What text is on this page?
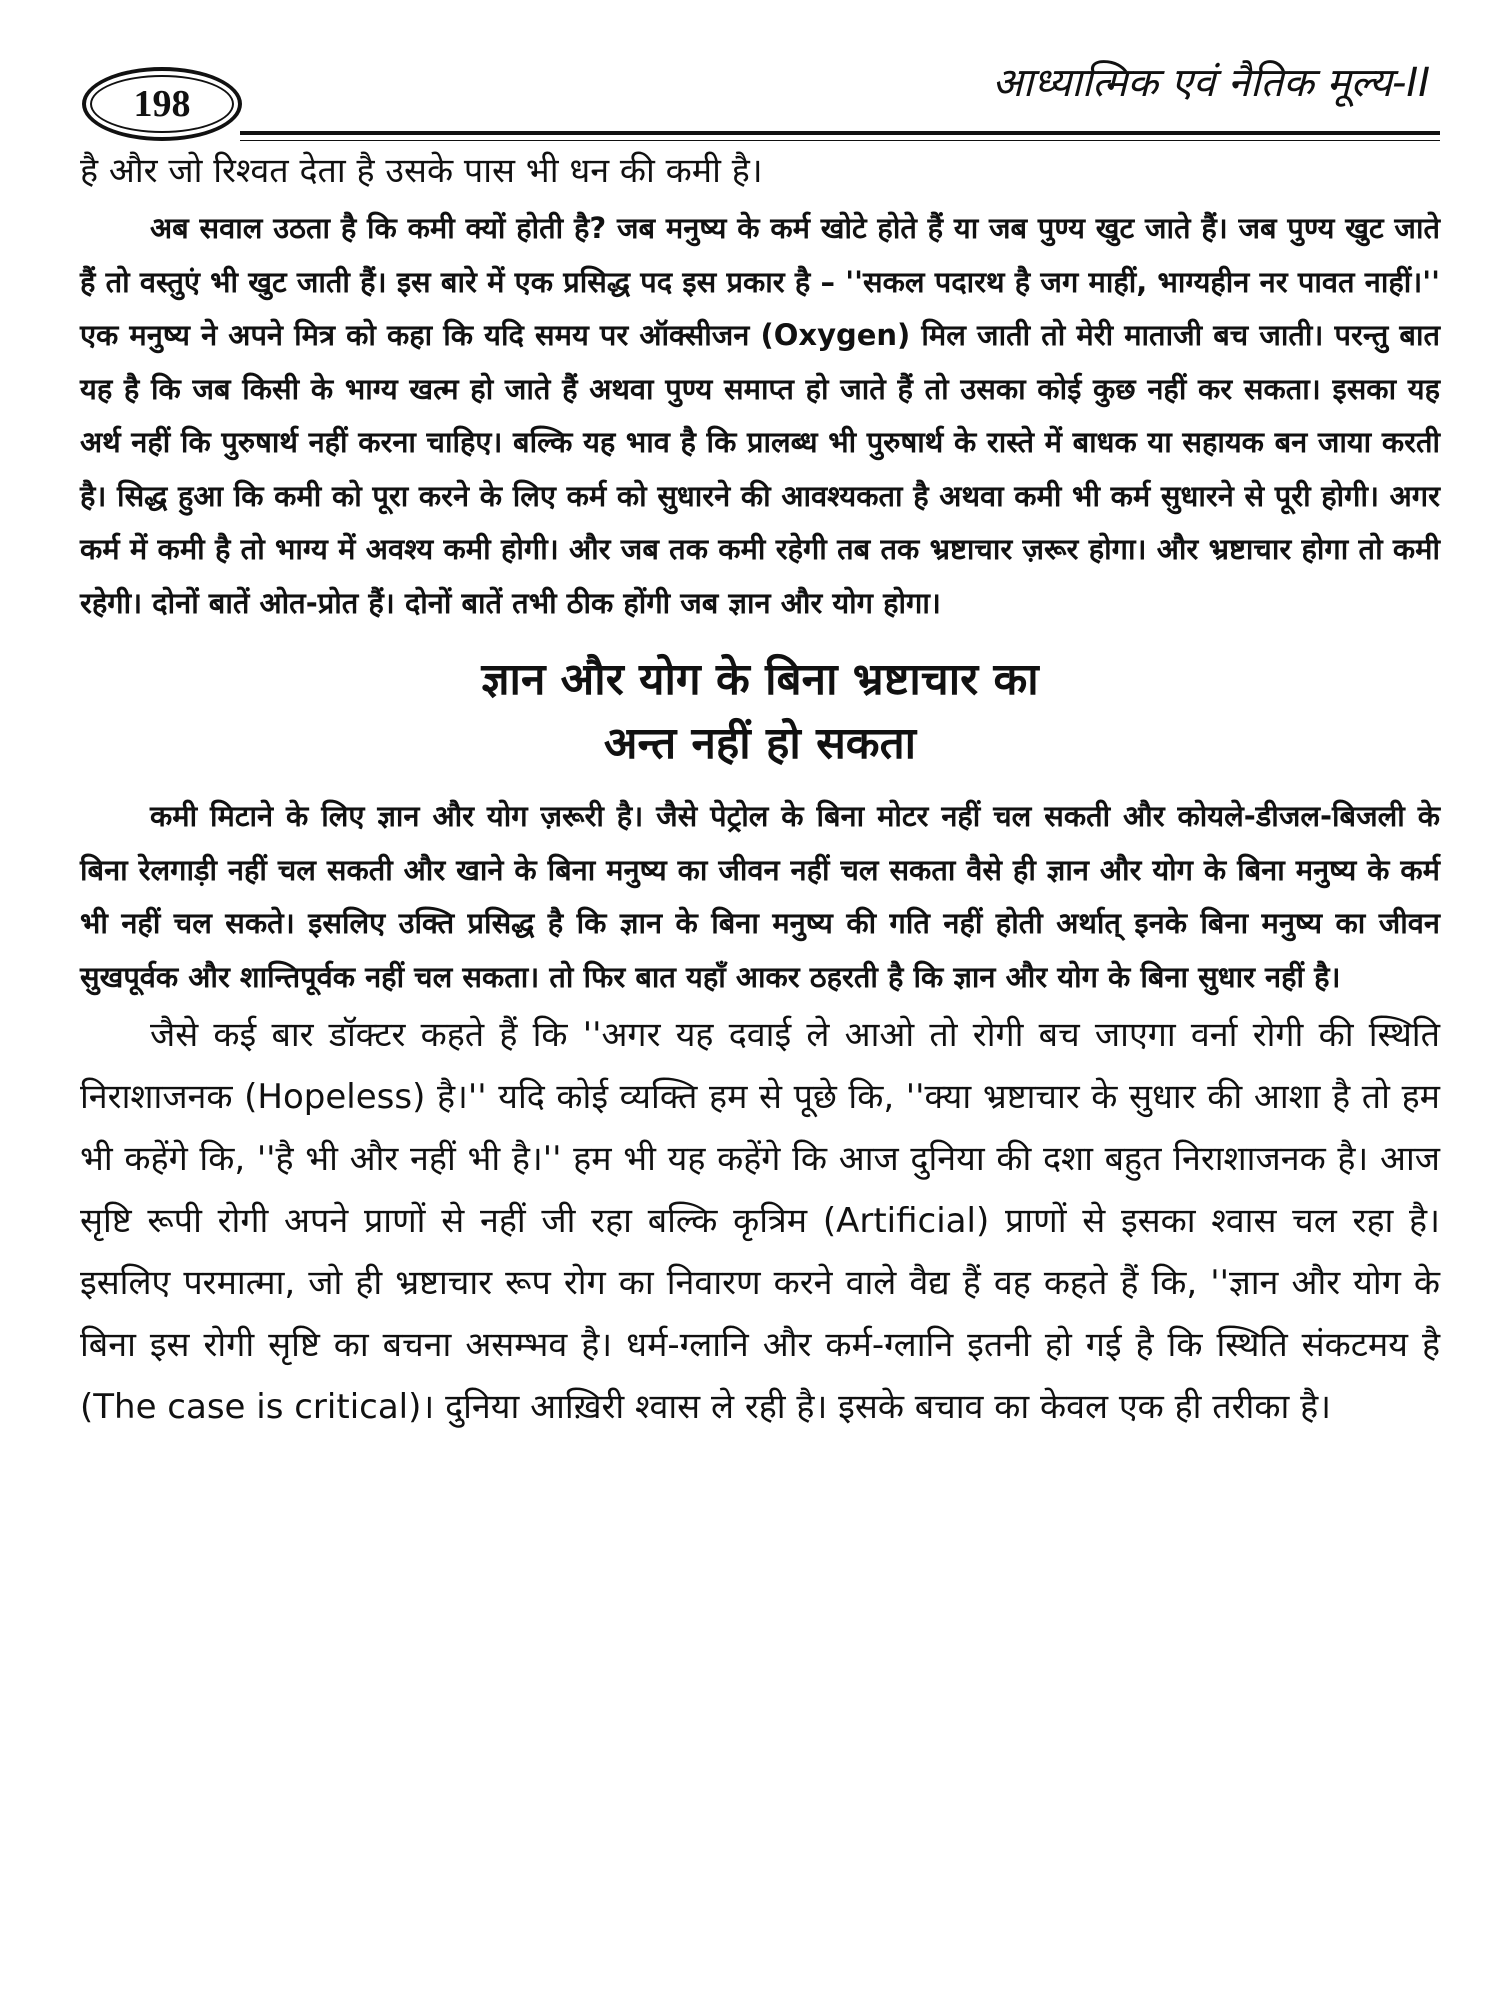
198	आध्यात्मिक एवं नैतिक मूल्य-II

है और जो रिश्वत देता है उसके पास भी धन की कमी है।

अब सवाल उठता है कि कमी क्यों होती है? जब मनुष्य के कर्म खोटे होते हैं या जब पुण्य खुट जाते हैं। जब पुण्य खुट जाते हैं तो वस्तुएं भी खुट जाती हैं। इस बारे में एक प्रसिद्ध पद इस प्रकार है – ''सकल पदारथ है जग माहीं, भाग्यहीन नर पावत नाहीं।'' एक मनुष्य ने अपने मित्र को कहा कि यदि समय पर ऑक्सीजन (Oxygen) मिल जाती तो मेरी माताजी बच जाती। परन्तु बात यह है कि जब किसी के भाग्य खत्म हो जाते हैं अथवा पुण्य समाप्त हो जाते हैं तो उसका कोई कुछ नहीं कर सकता। इसका यह अर्थ नहीं कि पुरुषार्थ नहीं करना चाहिए। बल्कि यह भाव है कि प्रालब्ध भी पुरुषार्थ के रास्ते में बाधक या सहायक बन जाया करती है। सिद्ध हुआ कि कमी को पूरा करने के लिए कर्म को सुधारने की आवश्यकता है अथवा कमी भी कर्म सुधारने से पूरी होगी। अगर कर्म में कमी है तो भाग्य में अवश्य कमी होगी। और जब तक कमी रहेगी तब तक भ्रष्टाचार ज़रूर होगा। और भ्रष्टाचार होगा तो कमी रहेगी। दोनों बातें ओत-प्रोत हैं। दोनों बातें तभी ठीक होंगी जब ज्ञान और योग होगा।

ज्ञान और योग के बिना भ्रष्टाचार का
अन्त नहीं हो सकता

कमी मिटाने के लिए ज्ञान और योग ज़रूरी है। जैसे पेट्रोल के बिना मोटर नहीं चल सकती और कोयले-डीजल-बिजली के बिना रेलगाड़ी नहीं चल सकती और खाने के बिना मनुष्य का जीवन नहीं चल सकता वैसे ही ज्ञान और योग के बिना मनुष्य के कर्म भी नहीं चल सकते। इसलिए उक्ति प्रसिद्ध है कि ज्ञान के बिना मनुष्य की गति नहीं होती अर्थात् इनके बिना मनुष्य का जीवन सुखपूर्वक और शान्तिपूर्वक नहीं चल सकता। तो फिर बात यहाँ आकर ठहरती है कि ज्ञान और योग के बिना सुधार नहीं है।

जैसे कई बार डॉक्टर कहते हैं कि ''अगर यह दवाई ले आओ तो रोगी बच जाएगा वर्ना रोगी की स्थिति निराशाजनक (Hopeless) है।'' यदि कोई व्यक्ति हम से पूछे कि, ''क्या भ्रष्टाचार के सुधार की आशा है तो हम भी कहेंगे कि, ''है भी और नहीं भी है।'' हम भी यह कहेंगे कि आज दुनिया की दशा बहुत निराशाजनक है। आज सृष्टि रूपी रोगी अपने प्राणों से नहीं जी रहा बल्कि कृत्रिम (Artificial) प्राणों से इसका श्वास चल रहा है। इसलिए परमात्मा, जो ही भ्रष्टाचार रूप रोग का निवारण करने वाले वैद्य हैं वह कहते हैं कि, ''ज्ञान और योग के बिना इस रोगी सृष्टि का बचना असम्भव है। धर्म-ग्लानि और कर्म-ग्लानि इतनी हो गई है कि स्थिति संकटमय है (The case is critical)। दुनिया आख़िरी श्वास ले रही है। इसके बचाव का केवल एक ही तरीका है।
